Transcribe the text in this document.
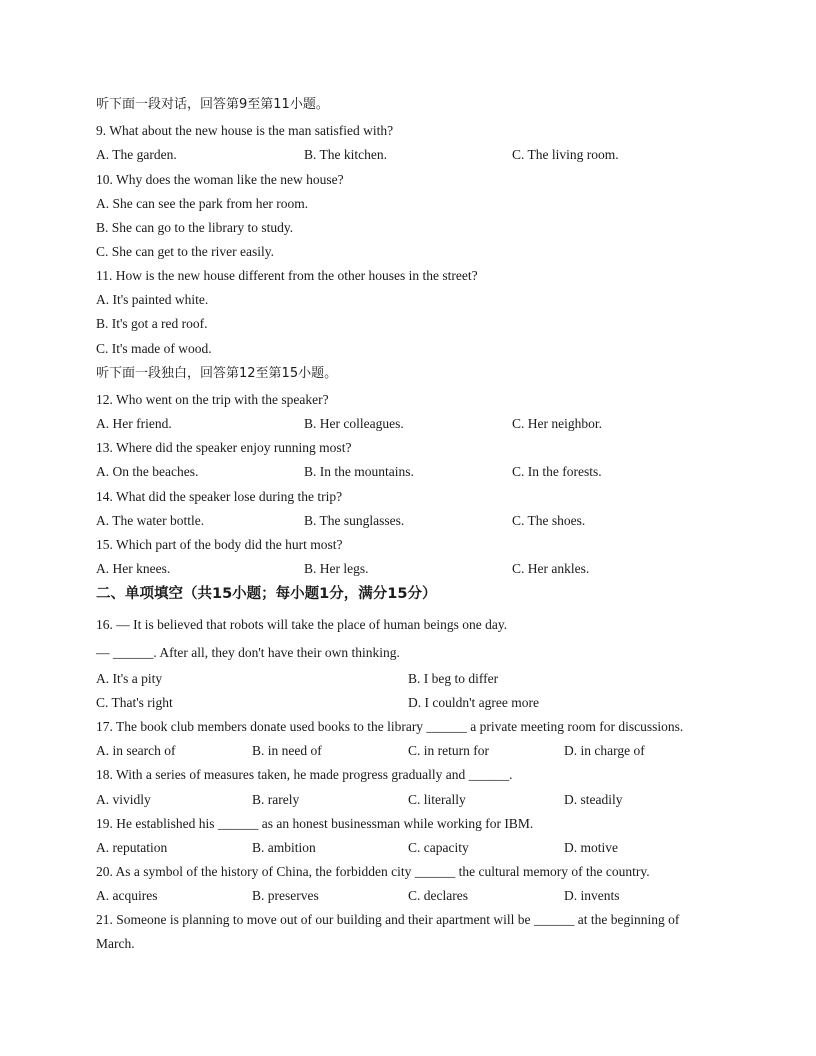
听下面一段对话，回答第9至第11小题。
9. What about the new house is the man satisfied with?
A. The garden.	B. The kitchen.	C. The living room.
10. Why does the woman like the new house?
A. She can see the park from her room.
B. She can go to the library to study.
C. She can get to the river easily.
11. How is the new house different from the other houses in the street?
A. It's painted white.
B. It's got a red roof.
C. It's made of wood.
听下面一段独白，回答第12至第15小题。
12. Who went on the trip with the speaker?
A. Her friend.	B. Her colleagues.	C. Her neighbor.
13. Where did the speaker enjoy running most?
A. On the beaches.	B. In the mountains.	C. In the forests.
14. What did the speaker lose during the trip?
A. The water bottle.	B. The sunglasses.	C. The shoes.
15. Which part of the body did the hurt most?
A. Her knees.	B. Her legs.	C. Her ankles.
二、单项填空（共15小题；每小题1分，满分15分）
16. — It is believed that robots will take the place of human beings one day.
— ______. After all, they don't have their own thinking.
A. It's a pity	B. I beg to differ
C. That's right	D. I couldn't agree more
17. The book club members donate used books to the library ______ a private meeting room for discussions.
A. in search of	B. in need of	C. in return for	D. in charge of
18. With a series of measures taken, he made progress gradually and ______.
A. vividly	B. rarely	C. literally	D. steadily
19. He established his ______ as an honest businessman while working for IBM.
A. reputation	B. ambition	C. capacity	D. motive
20. As a symbol of the history of China, the forbidden city ______ the cultural memory of the country.
A. acquires	B. preserves	C. declares	D. invents
21. Someone is planning to move out of our building and their apartment will be ______ at the beginning of
March.
